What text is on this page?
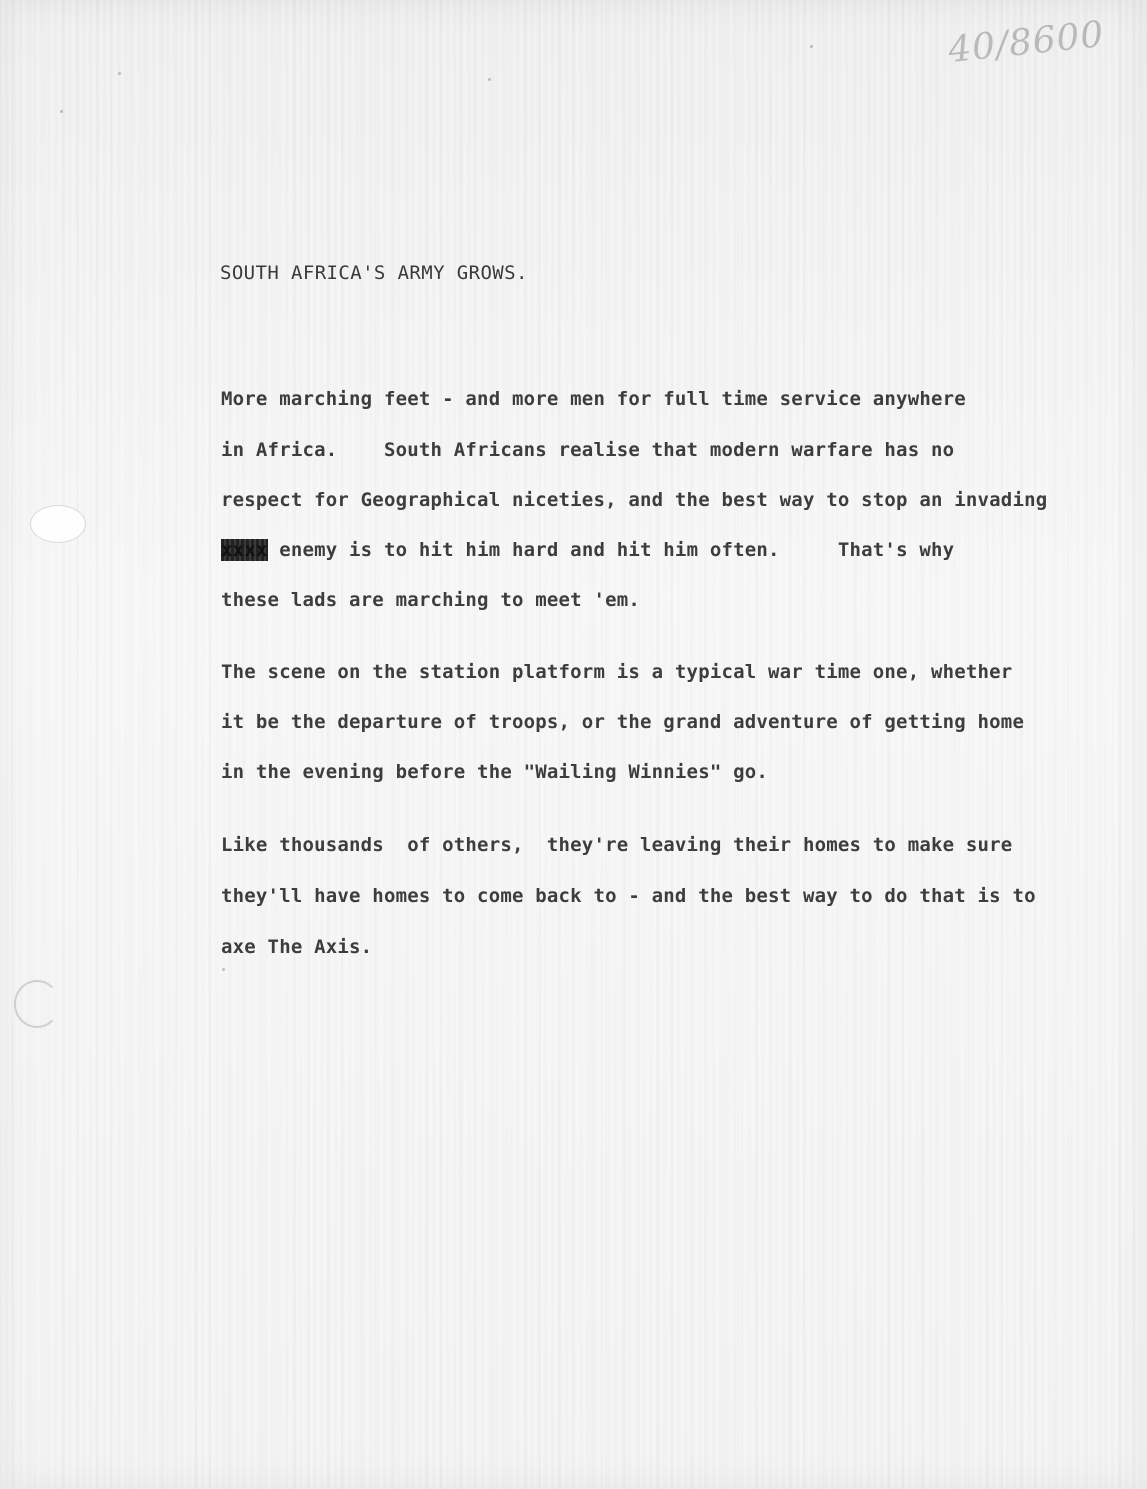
40/8600
SOUTH AFRICA'S ARMY GROWS.
More marching feet - and more men for full time service anywhere
in Africa.    South Africans realise that modern warfare has no
respect for Geographical niceties, and the best way to stop an invading
xxxx enemy is to hit him hard and hit him often.     That's why
these lads are marching to meet 'em.
The scene on the station platform is a typical war time one, whether
it be the departure of troops, or the grand adventure of getting home
in the evening before the "Wailing Winnies" go.
Like thousands  of others,  they're leaving their homes to make sure
they'll have homes to come back to - and the best way to do that is to
axe The Axis.
